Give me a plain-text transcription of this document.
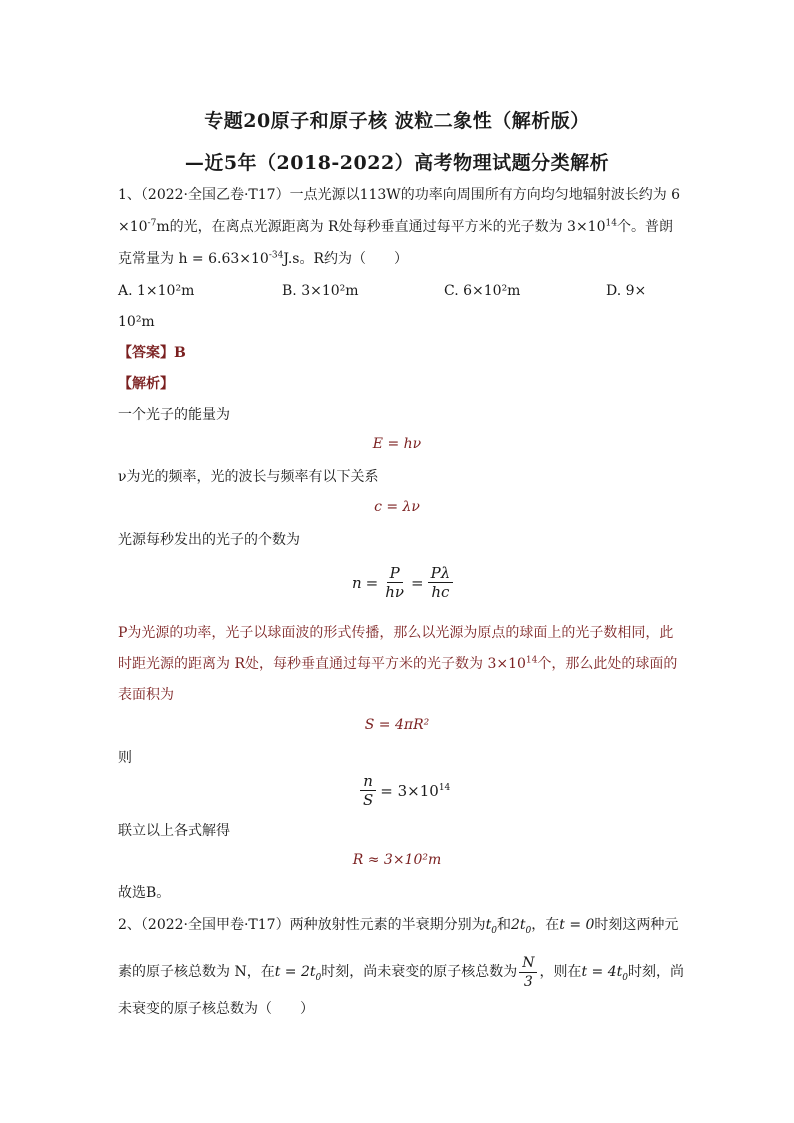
专题20原子和原子核 波粒二象性（解析版）
—近5年（2018-2022）高考物理试题分类解析
1、（2022·全国乙卷·T17）一点光源以113W的功率向周围所有方向均匀地辐射波长约为 6
$\times 10^{-7}m$的光，在离点光源距离为 R处每秒垂直通过每平方米的光子数为 $3\times 10^{14}$个。普朗
克常量为 $h = 6.63\times 10^{-34}J.s$。R约为（　　）
A. 1×10²m	B. 3×10²m	C. 6×10²m	D. 9×
10²m
【答案】B
【解析】
一个光子的能量为
E = hν
ν为光的频率，光的波长与频率有以下关系
c = λν
光源每秒发出的光子的个数为
$n = \frac{P}{h\nu} = \frac{P\lambda}{hc}$
P为光源的功率，光子以球面波的形式传播，那么以光源为原点的球面上的光子数相同，此
时距光源的距离为 R处，每秒垂直通过每平方米的光子数为 $3\times 10^{14}$个，那么此处的球面的
表面积为
S = 4πR²
则
$\frac{n}{S} = 3\times 10^{14}$
联立以上各式解得
R ≈ 3×10²m
故选B。
2、（2022·全国甲卷·T17）两种放射性元素的半衰期分别为$t_0$和$2t_0$，在t = 0时刻这两种元
素的原子核总数为 N，在 $t = 2t_0$ 时刻，尚未衰变的原子核总数为 $\frac{N}{3}$ ，则在 $t = 4t_0$ 时刻，尚
未衰变的原子核总数为（　　）
